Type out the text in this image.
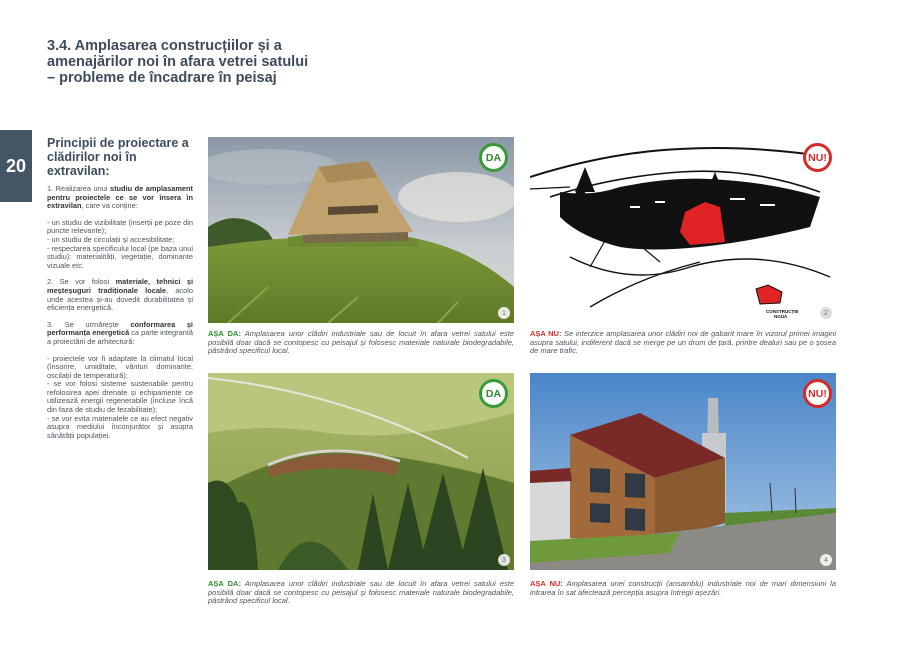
3.4. Amplasarea construcțiilor și a
amenajărilor noi în afara vetrei satului
– probleme de încadrare în peisaj
20
Principii de proiectare a clădirilor noi în extravilan:

1. Realizarea unui studiu de amplasament pentru proiectele ce se vor însera în extravilan, care va conține:

- un studiu de vizibilitate (inserții pe poze din puncte relevante);
- un studiu de circulații și accesibilitate;
- respectarea specificului local (pe baza unui studiu): materialități, vegetație, dominante vizuale etc.

2. Se vor folosi materiale, tehnici și meșteșuguri tradiționale locale, acolo unde acestea și-au dovedit durabilitatea și eficiența energetică.

3. Se urmărește conformarea și performanța energetică ca parte integrantă a proiectării de arhitectură:

- proiectele vor fi adaptate la climatul local (însorire, umiditate, vânturi dominante, oscilații de temperatură);
- se vor folosi sisteme sustenabile pentru refolosirea apei drenate și echipamente ce utilizează energii regenerabile (incluse încă din faza de studiu de fezabilitate);
- se vor evita materialele ce au efect negativ asupra mediului înconjurător și asupra sănătății populației.

DA
1
AȘA DA: Amplasarea unor clădiri industriale sau de locuit în afara vetrei satului este posibilă doar dacă se contopesc cu peisajul și folosesc materiale naturale biodegradabile, păstrând specificul local.
CONSTRUCȚIE
NOUĂ
NU!
2
AȘA NU: Se interzice amplasarea unor clădiri noi de gabarit mare în vizorul primei imagini asupra satului, indiferent dacă se merge pe un drum de țară, printre dealuri sau pe o șosea de mare trafic.
DA
3
AȘA DA: Amplasarea unor clădiri industriale sau de locuit în afara vetrei satului este posibilă doar dacă se contopesc cu peisajul și folosesc materiale naturale biodegradabile, păstrând specificul local.
NU!
4
AȘA NU: Amplasarea unei construcții (ansamblu) industriale noi de mari dimensiuni la intrarea în sat afectează percepția asupra întregii așezări.
